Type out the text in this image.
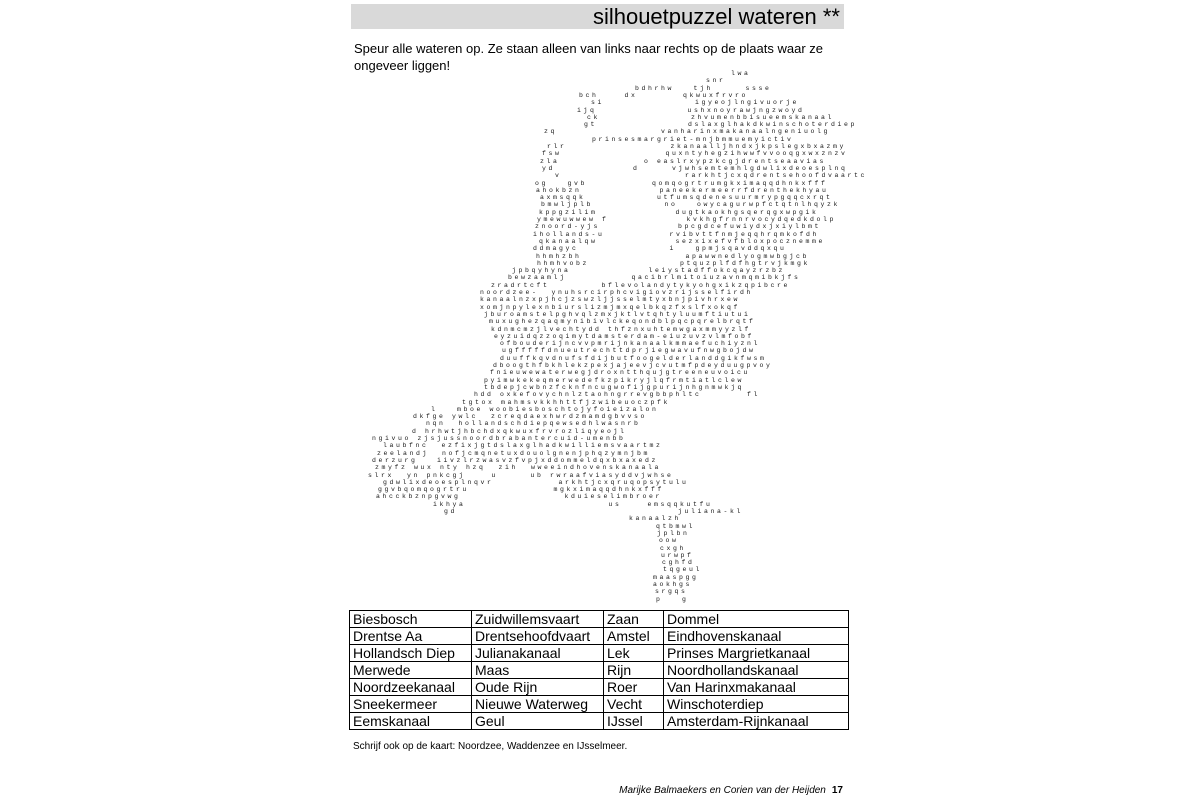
silhouetpuzzel wateren **
Speur alle wateren op. Ze staan alleen van links naar rechts op de plaats waar ze ongeveer liggen!
lwa
snr
bdhrhw   tjh     ssse
bch    dx       qkwuxfrvro
si              igyeojlngivuorje
ijq              ushxnoyrawjngzwoyd
ck              zhvumenbbisueemskanaal
gt              dslaxglhakdkwinschoterdiep
zq                vanharinxmakanaalngeniuolg
prinsesmargriet-mnjbmmuemyictiv
rlr                zkanaalljhndxjkpslegxbxazmy
fsw                quxntyhegzihwwfvvooqgxwxznzv
zla             o easlrxypzkcgjdrentseaavias
yd            d     vjwhsemtemhlgdwlixdeoesplnq
v                   rarkhtjcxqdrentsehoofdvaartc
og   gvb          qomqogrtrumgkximaqqdhnkxfff
ahokbzn            paneekermeerrfdrenthekhyau
axmsqqk           utfumsqdenesuurmrypgqqcxrqt
bmwljplb           no   owycagurwpfctqtnlhqyzk
kppgzilim            dugtkaokhgsqerqgxwpgik
ymewuwwew f            kvkhgfrnnrvocydqedkdolp
znoord-yjs            bpcgdcefuwiydxjxiylbmt
ihollands-u          rvibvttfnmjeqqhrqmkofdh
qkanaalqw            sezxixefvfbloxpocznemme
ddmagyc              i   gpmjsqavddqxqu
hhmhzbh                apawwnedlyogmwbgjcb
hhmhvobz              ptquzplfdfhgtrvjkmgk
jpbqyhyna            leiystadffokcqayzrzbz
bewzaamlj          qacibrlmitoiuzavnmqmibkjfs
zradrtcft        bflevolandytykyohgxikzqpibcre
noordzee-  ynuhsrcirphcvigiovzrijsselfirdh
kanaalnzxpjhcjzswzljjsselmtyxbnjpivhrxew
xomjnpylexnbiurslizmjmxqelbkqzfxslfxokqf
jburoamstelpghvqlzmxjktlvtqhtyluumftiutui
muxughezqaqmynibivlckeqondblpqcpqrelbrqtf
kdnmcmzjlvechtydd thfznxuhtemwgaxmmyyzlf
eyzuidqzzoqimytdamsterdam-eiuzuvzvlmfobf
ofbouderijncvvpmrijnkanaalkmmaefuchiyznl
ugfffffdnueutrechttdprjiegwavufnwgbojdw
duuffkqvdnufsfdijbutfoogelderlanddgikfwsm
dboogthfbkhlekzpexjajeevjcvutmfpdeyduugpvoy
fnieuwewaterwegjdroxntthqujgtreeneuvoicu
pyimwkekeqmerwedefkzpikryjlqfrmtiatlclew
tbdepjcwbnzfcknfncugwofijgpurijnhgnmwkjq
hdd oxkefovychnlztaohngrrevgbbphltc       fl
tgtox mahmsvkkhhttfjzwibeuoczpfk
l   mboe woobiesboschtojyfoieizalon
dkfge ywlc  zcreqdaexhwrdzmamdgbvvso
nqn  hollandschdiepqewsedhlwasnrb
d hrhwtjhbchdxqkwuxfrvrozliqyeojl
ngivuo zjsjussnoordbrabantercuid-umenbb
laubfnc  ezfixjgtdslaxglhadkwilliemsvaartmz
zeelandj  nofjcmqnetuxdouolgnenjphqzymnjbm
derzurg   iivzlrzwasvzfvpjxddommeldqxbxaxedz
zmyfz wux nty hzq  zih  wweeindhovenskanaala
slrx  yn pnkcgj    u     ub rwraafviasyddvjwhse
gdwlixdeoesplnqvr          arkhtjcxqruqopsytulu
ggvbqomqogrtru             mgkximaqqdhnkxfff
ahcckbznpgvwg                kduieselimbroer
ikhya                      us    emsqqkutfu
gd                                  juliana-kl
kanaalzh
qtbmwl
jplbn
oow
cxgh
urwpf
cghfd
tqgeul
maaspgg
aokhgs
srgqs
p   g
Biesbosch	Zuidwillemsvaart	Zaan	Dommel
Drentse Aa	Drentsehoofdvaart	Amstel	Eindhovenskanaal
Hollandsch Diep	Julianakanaal	Lek	Prinses Margrietkanaal
Merwede	Maas	Rijn	Noordhollandskanaal
Noordzeekanaal	Oude Rijn	Roer	Van Harinxmakanaal
Sneekermeer	Nieuwe Waterweg	Vecht	Winschoterdiep
Eemskanaal	Geul	IJssel	Amsterdam-Rijnkanaal
Schrijf ook op de kaart: Noordzee, Waddenzee en IJsselmeer.
Marijke Balmaekers en Corien van der Heijden 17
